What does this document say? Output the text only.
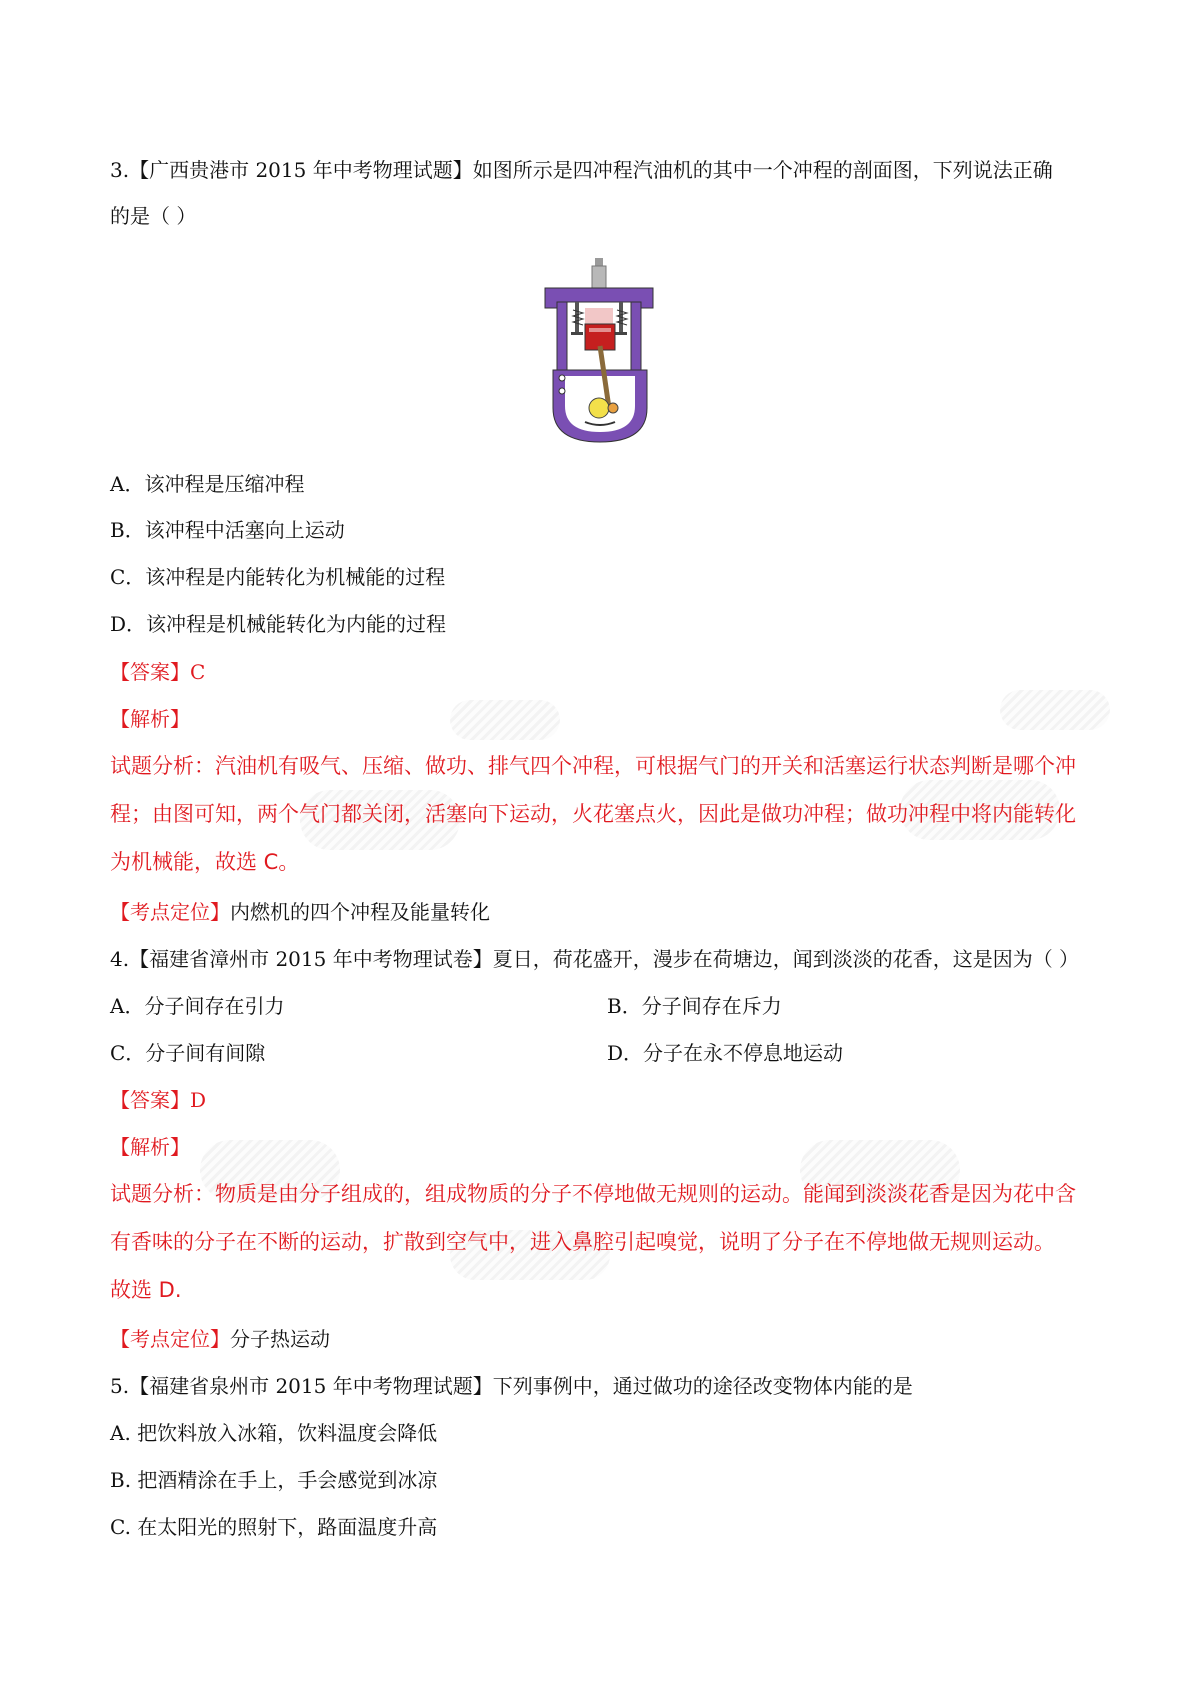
3.【广西贵港市 2015 年中考物理试题】如图所示是四冲程汽油机的其中一个冲程的剖面图，下列说法正确
的是（ ）
A．该冲程是压缩冲程
B．该冲程中活塞向上运动
C．该冲程是内能转化为机械能的过程
D．该冲程是机械能转化为内能的过程
【答案】C
【解析】
试题分析：汽油机有吸气、压缩、做功、排气四个冲程，可根据气门的开关和活塞运行状态判断是哪个冲
程；由图可知，两个气门都关闭，活塞向下运动，火花塞点火，因此是做功冲程；做功冲程中将内能转化
为机械能，故选 C。
【考点定位】内燃机的四个冲程及能量转化
4.【福建省漳州市 2015 年中考物理试卷】夏日，荷花盛开，漫步在荷塘边，闻到淡淡的花香，这是因为（ ）
A．分子间存在引力	B．分子间存在斥力
C．分子间有间隙	D．分子在永不停息地运动
【答案】D
【解析】
试题分析：物质是由分子组成的，组成物质的分子不停地做无规则的运动。能闻到淡淡花香是因为花中含
有香味的分子在不断的运动，扩散到空气中，进入鼻腔引起嗅觉，说明了分子在不停地做无规则运动。
故选 D.
【考点定位】分子热运动
5.【福建省泉州市 2015 年中考物理试题】下列事例中，通过做功的途径改变物体内能的是
A. 把饮料放入冰箱，饮料温度会降低
B. 把酒精涂在手上，手会感觉到冰凉
C. 在太阳光的照射下，路面温度升高
